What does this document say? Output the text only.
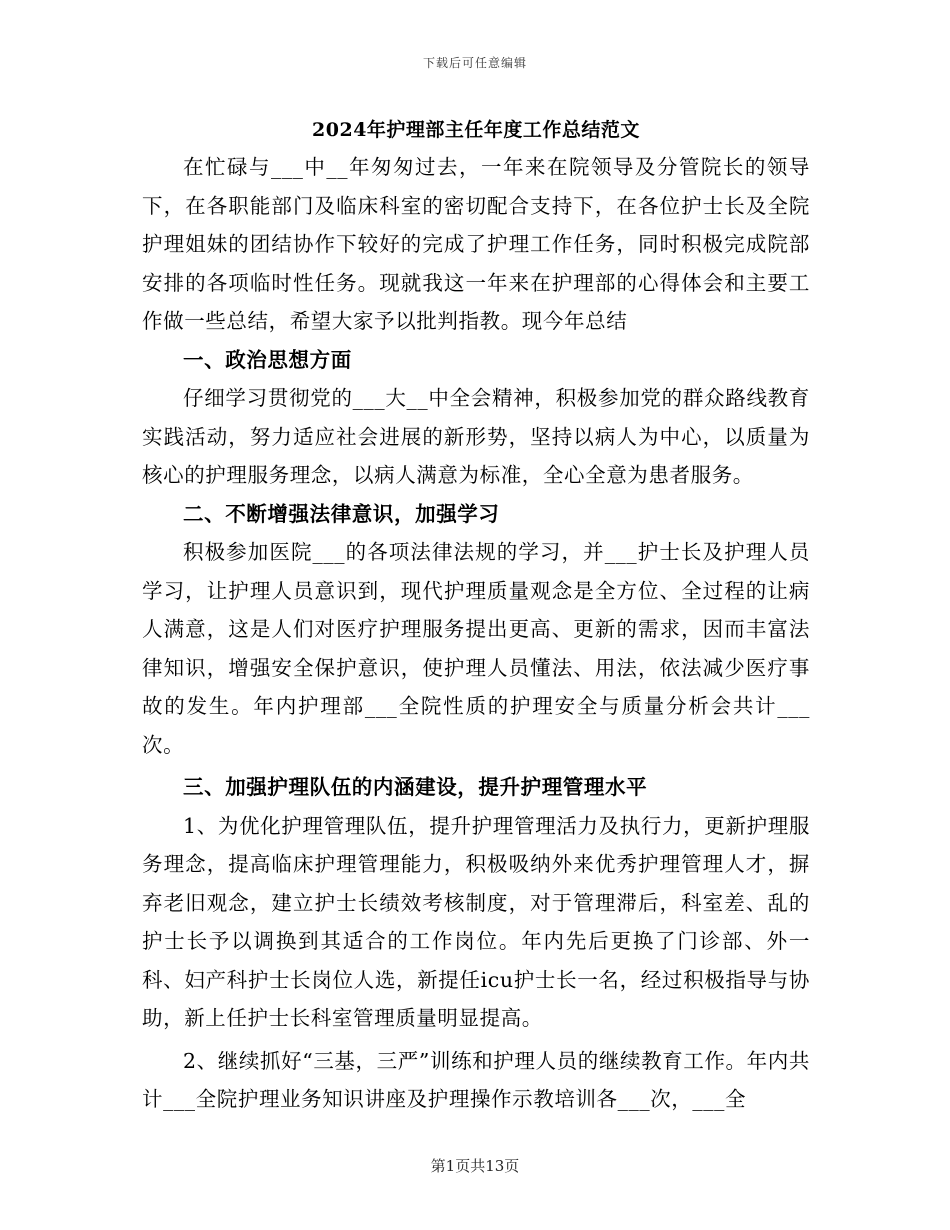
下载后可任意编辑
2024年护理部主任年度工作总结范文

在忙碌与___中__年匆匆过去，一年来在院领导及分管院长的领导下，在各职能部门及临床科室的密切配合支持下，在各位护士长及全院护理姐妹的团结协作下较好的完成了护理工作任务，同时积极完成院部安排的各项临时性任务。现就我这一年来在护理部的心得体会和主要工作做一些总结，希望大家予以批判指教。现今年总结

一、政治思想方面

仔细学习贯彻党的___大__中全会精神，积极参加党的群众路线教育实践活动，努力适应社会进展的新形势，坚持以病人为中心，以质量为核心的护理服务理念，以病人满意为标准，全心全意为患者服务。

二、不断增强法律意识，加强学习

积极参加医院___的各项法律法规的学习，并___护士长及护理人员学习，让护理人员意识到，现代护理质量观念是全方位、全过程的让病人满意，这是人们对医疗护理服务提出更高、更新的需求，因而丰富法律知识，增强安全保护意识，使护理人员懂法、用法，依法减少医疗事故的发生。年内护理部___全院性质的护理安全与质量分析会共计___次。

三、加强护理队伍的内涵建设，提升护理管理水平

1、为优化护理管理队伍，提升护理管理活力及执行力，更新护理服务理念，提高临床护理管理能力，积极吸纳外来优秀护理管理人才，摒弃老旧观念，建立护士长绩效考核制度，对于管理滞后，科室差、乱的护士长予以调换到其适合的工作岗位。年内先后更换了门诊部、外一科、妇产科护士长岗位人选，新提任icu护士长一名，经过积极指导与协助，新上任护士长科室管理质量明显提高。

2、继续抓好“三基，三严”训练和护理人员的继续教育工作。年内共计___全院护理业务知识讲座及护理操作示教培训各___次，___全

第1页共13页
